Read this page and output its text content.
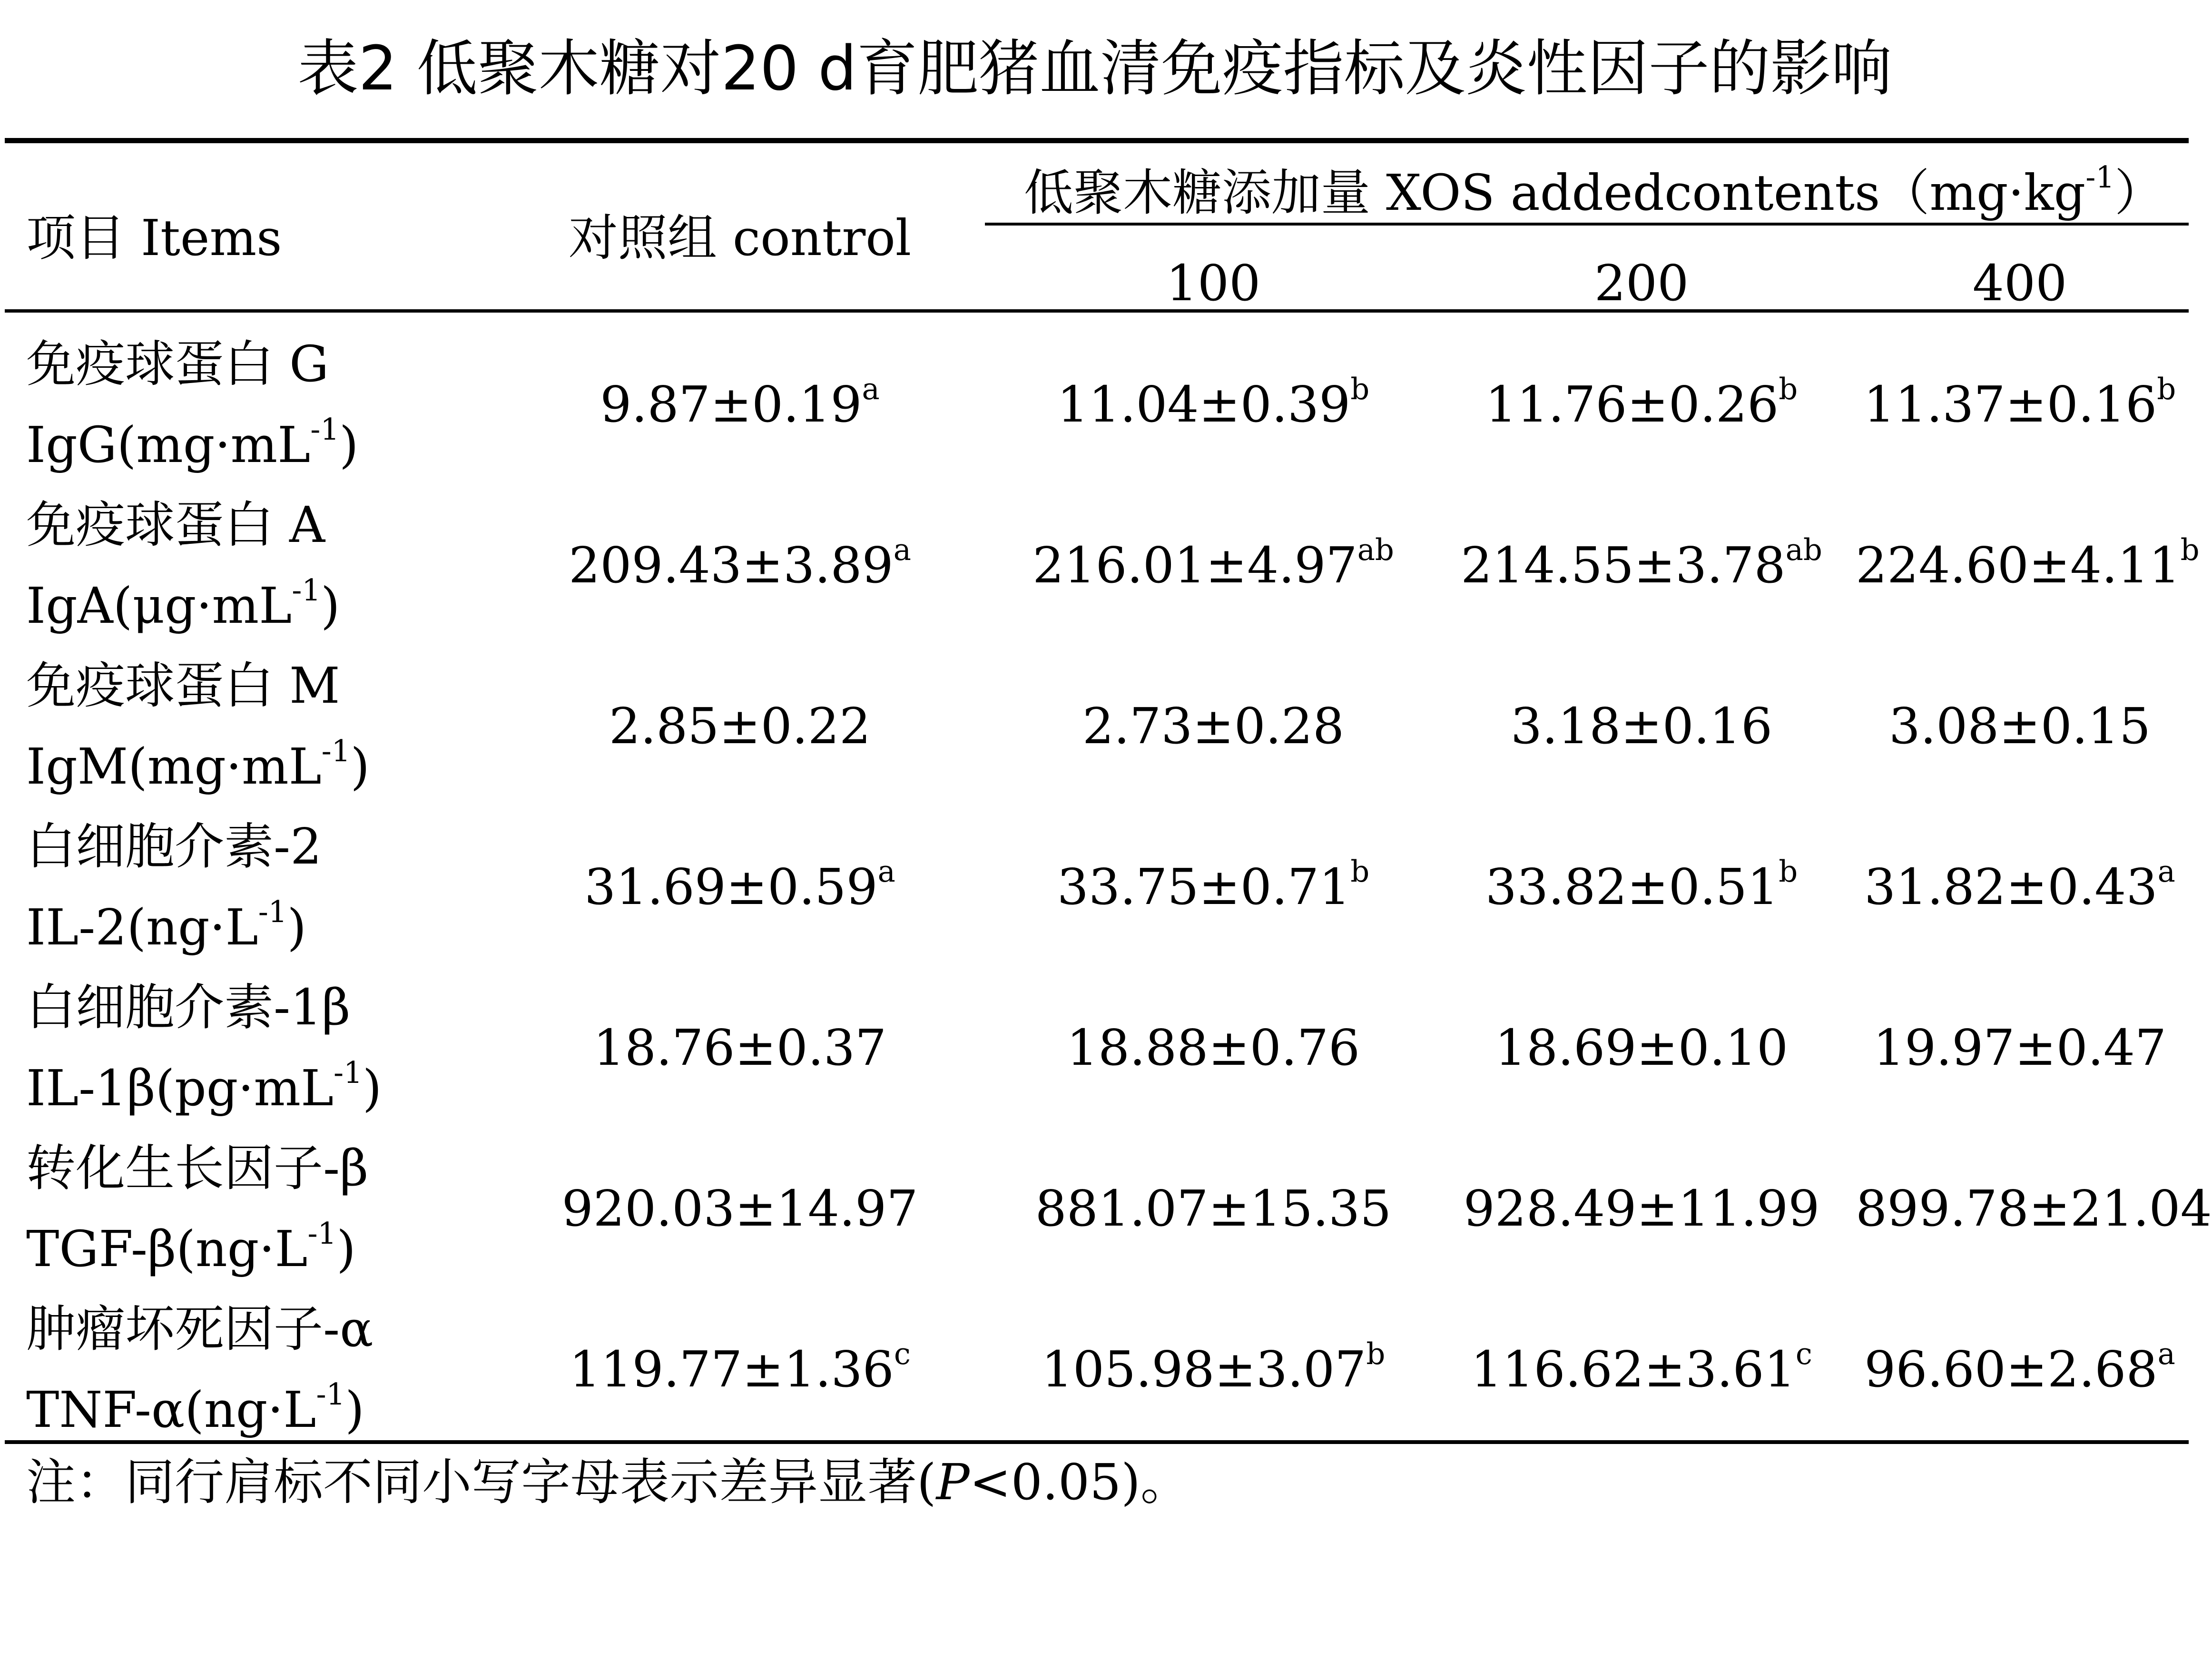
表2 低聚木糖对20 d育肥猪血清免疫指标及炎性因子的影响
项目 Items	对照组 control
低聚木糖添加量 XOS $addedcontents(mg\cdot kg^{-1})$
100	200	400
免疫球蛋白 G
$IgG(mg\cdot mL^{-1})$
9.87±0.19$^a$	11.04±0.39$^b$	11.76±0.26$^b$	11.37±0.16$^b$
免疫球蛋白 A
$IgA(\mu g\cdot mL^{-1})$
209.43±3.89$^a$	216.01±4.97$^{ab}$	214.55±3.78$^{ab}$ 224.60±4.11$^b$
免疫球蛋白 M
$IgM(mg\cdot mL^{-1})$
2.85±0.22	2.73±0.28	3.18±0.16	3.08±0.15
白细胞介素-2
$IL-2(ng\cdot L^{-1})$
31.69±0.59$^a$	33.75±0.71$^b$	33.82±0.51$^b$	31.82±0.43$^a$
白细胞介素-1β
$IL-1\beta(pg\cdot mL^{-1})$
18.76±0.37	18.88±0.76	18.69±0.10	19.97±0.47
转化生长因子-β
TGF-$\beta(ng\cdot L^{-1})$
920.03±14.97	881.07±15.35	928.49±11.99 899.78±21.04
肿瘤坏死因子-α
TNF-$\alpha(ng\cdot L^{-1})$
119.77±1.36$^c$	105.98±3.07$^b$	116.62±3.61$^c$	96.60±2.68$^a$
注：同行肩标不同小写字母表示差异显著(P<0.05)。
